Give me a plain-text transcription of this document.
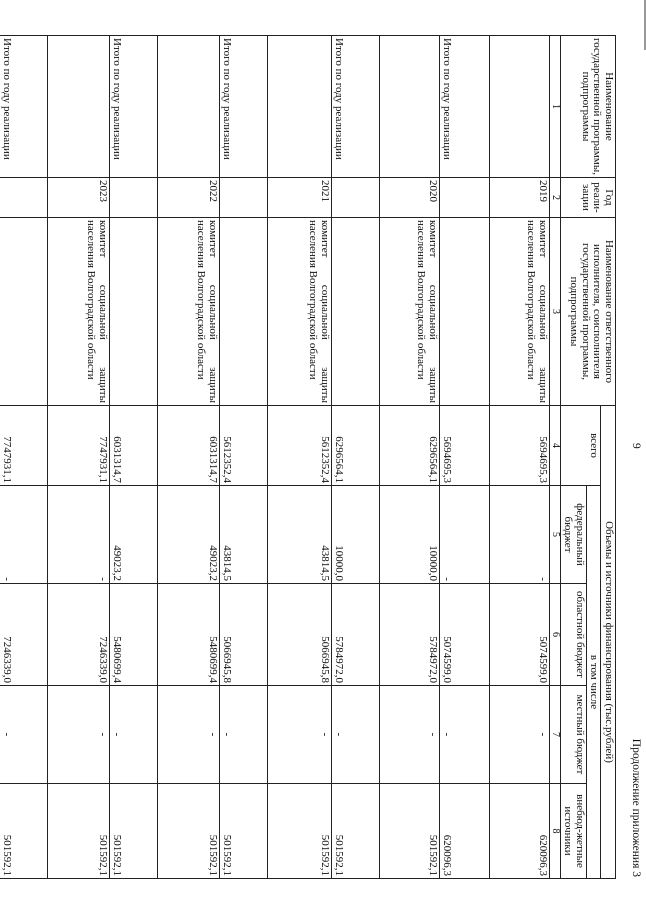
9
Продолжение приложения 3
Наименование государственной программы, подпрограммы	Год реали-зации	Наименование ответственного исполнителя, соисполнителя государственной программы, подпрограммы	Объемы и источники финансирования (тыс.рублей)				
			всего	в том числе			
				федеральный бюджет	областной бюджет	местный бюджет	внебюд-жетные источники
1	2	3	4	5	6	7	8
	2019	комитет социальной защиты населения Волгоградской области	5694695,3	-	5074599,0	-	620096,3
Итого по году реализации			5694695,3	-	5074599,0	-	620096,3
	2020	комитет социальной защиты населения Волгоградской области	6296564,1	10000,0	5784972,0	-	501592,1
Итого по году реализации			6296564,1	10000,0	5784972,0	-	501592,1
	2021	комитет социальной защиты населения Волгоградской области	5612352,4	43814,5	5066945,8	-	501592,1
Итого по году реализации			5612352,4	43814,5	5066945,8	-	501592,1
	2022	комитет социальной защиты населения Волгоградской области	6031314,7	49023,2	5480699,4	-	501592,1
Итого по году реализации			6031314,7	49023,2	5480699,4	-	501592,1
	2023	комитет социальной защиты населения Волгоградской области	7747931,1	-	7246339,0	-	501592,1
Итого по году реализации			7747931,1	-	7246339,0	-	501592,1
